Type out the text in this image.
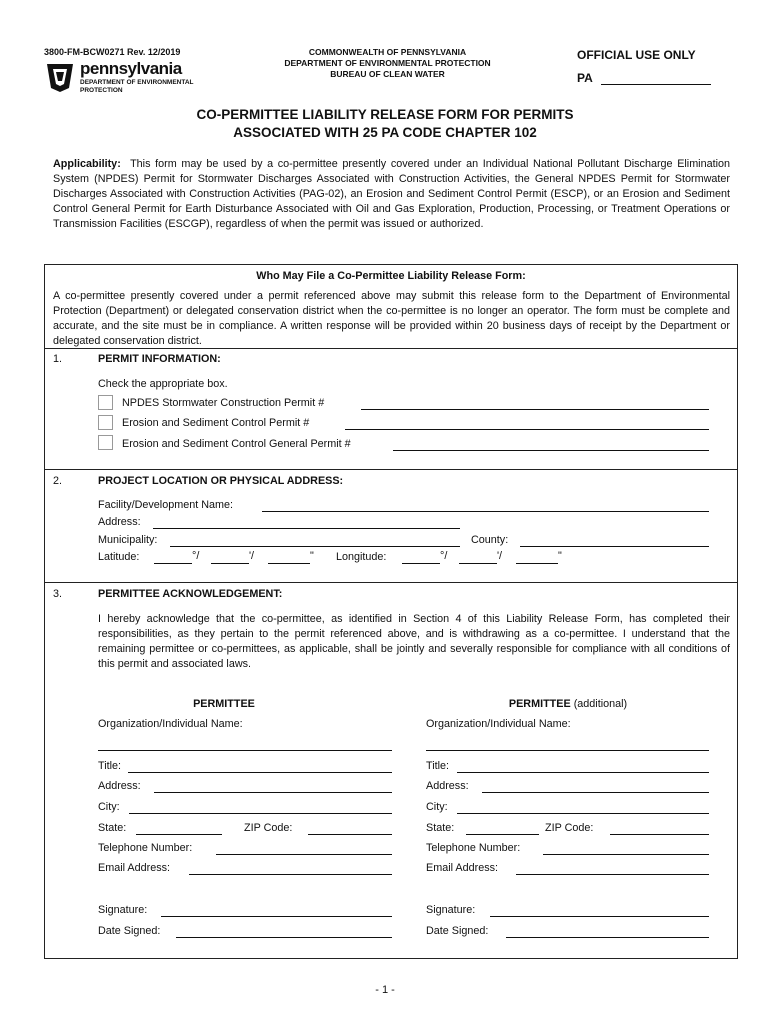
3800-FM-BCW0271 Rev. 12/2019
pennsylvania
DEPARTMENT OF ENVIRONMENTAL
PROTECTION
COMMONWEALTH OF PENNSYLVANIA
DEPARTMENT OF ENVIRONMENTAL PROTECTION
BUREAU OF CLEAN WATER
OFFICIAL USE ONLY
PA
CO-PERMITTEE LIABILITY RELEASE FORM FOR PERMITS
ASSOCIATED WITH 25 PA CODE CHAPTER 102
Applicability: This form may be used by a co-permittee presently covered under an Individual National Pollutant Discharge Elimination System (NPDES) Permit for Stormwater Discharges Associated with Construction Activities, the General NPDES Permit for Stormwater Discharges Associated with Construction Activities (PAG-02), an Erosion and Sediment Control Permit (ESCP), or an Erosion and Sediment Control General Permit for Earth Disturbance Associated with Oil and Gas Exploration, Production, Processing, or Treatment Operations or Transmission Facilities (ESCGP), regardless of when the permit was issued or authorized.
Who May File a Co-Permittee Liability Release Form:
A co-permittee presently covered under a permit referenced above may submit this release form to the Department of Environmental Protection (Department) or delegated conservation district when the co-permittee is no longer an operator. The form must be complete and accurate, and the site must be in compliance. A written response will be provided within 20 business days of receipt by the Department or delegated conservation district.
1.	PERMIT INFORMATION:
Check the appropriate box.
NPDES Stormwater Construction Permit #
Erosion and Sediment Control Permit #
Erosion and Sediment Control General Permit #
2.	PROJECT LOCATION OR PHYSICAL ADDRESS:
Facility/Development Name:
Address:
Municipality:	County:
Latitude:	°/	'/	" Longitude:	°/	'/	"
3.	PERMITTEE ACKNOWLEDGEMENT:
I hereby acknowledge that the co-permittee, as identified in Section 4 of this Liability Release Form, has completed their responsibilities, as they pertain to the permit referenced above, and is withdrawing as a co-permittee. I understand that the remaining permittee or co-permittees, as applicable, shall be jointly and severally responsible for compliance with all conditions of this permit and associated laws.
PERMITTEE
Organization/Individual Name:
Title:
Address:
City:
State:	ZIP Code:
Telephone Number:
Email Address:
Signature:
Date Signed:
PERMITTEE (additional)
Organization/Individual Name:
Title:
Address:
City:
State:	ZIP Code:
Telephone Number:
Email Address:
Signature:
Date Signed:
- 1 -
